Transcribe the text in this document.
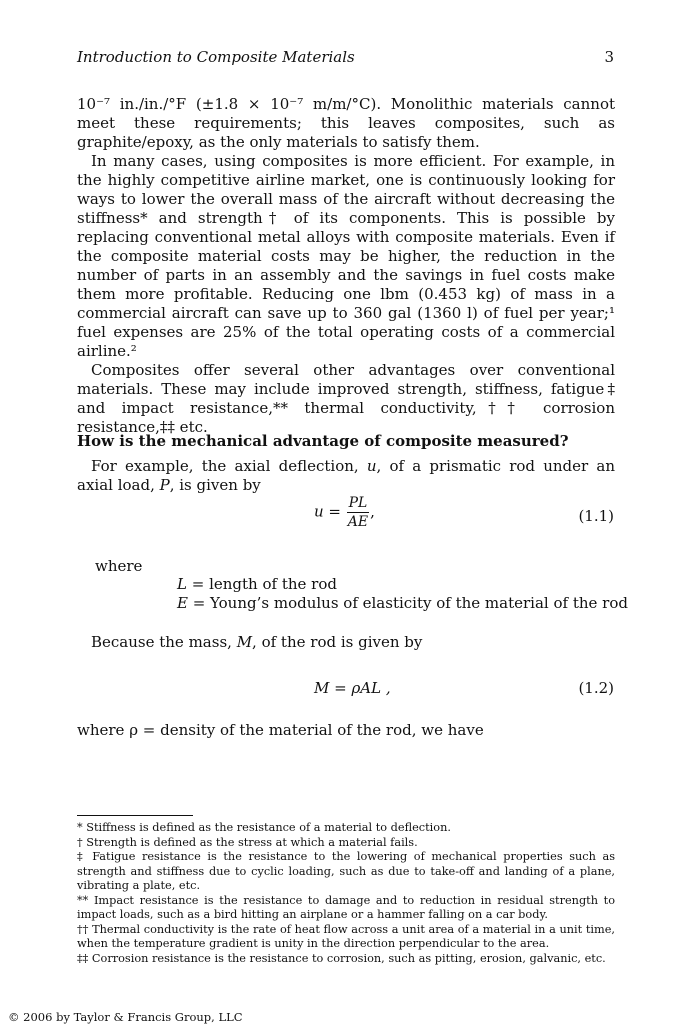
Introduction to Composite Materials	3

10⁻⁷ in./in./°F (±1.8 × 10⁻⁷ m/m/°C). Monolithic materials cannot meet these requirements; this leaves composites, such as graphite/epoxy, as the only materials to satisfy them.

In many cases, using composites is more efficient. For example, in the highly competitive airline market, one is continuously looking for ways to lower the overall mass of the aircraft without decreasing the stiffness* and strength† of its components. This is possible by replacing conventional metal alloys with composite materials. Even if the composite material costs may be higher, the reduction in the number of parts in an assembly and the savings in fuel costs make them more profitable. Reducing one lbm (0.453 kg) of mass in a commercial aircraft can save up to 360 gal (1360 l) of fuel per year;¹ fuel expenses are 25% of the total operating costs of a commercial airline.²

Composites offer several other advantages over conventional materials. These may include improved strength, stiffness, fatigue‡ and impact resistance,** thermal conductivity,†† corrosion resistance,‡‡ etc.

How is the mechanical advantage of composite measured?
For example, the axial deflection, u, of a prismatic rod under an axial load, P, is given by
$u = \frac{PL}{AE}$ ,	(1.1)
where
L = length of the rod
E = Young’s modulus of elasticity of the material of the rod
Because the mass, M, of the rod is given by
M = ρAL ,	(1.2)
where ρ = density of the material of the rod, we have

* Stiffness is defined as the resistance of a material to deflection.

† Strength is defined as the stress at which a material fails.

‡ Fatigue resistance is the resistance to the lowering of mechanical properties such as strength and stiffness due to cyclic loading, such as due to take-off and landing of a plane, vibrating a plate, etc.

** Impact resistance is the resistance to damage and to reduction in residual strength to impact loads, such as a bird hitting an airplane or a hammer falling on a car body.

†† Thermal conductivity is the rate of heat flow across a unit area of a material in a unit time, when the temperature gradient is unity in the direction perpendicular to the area.

‡‡ Corrosion resistance is the resistance to corrosion, such as pitting, erosion, galvanic, etc.

© 2006 by Taylor & Francis Group, LLC
